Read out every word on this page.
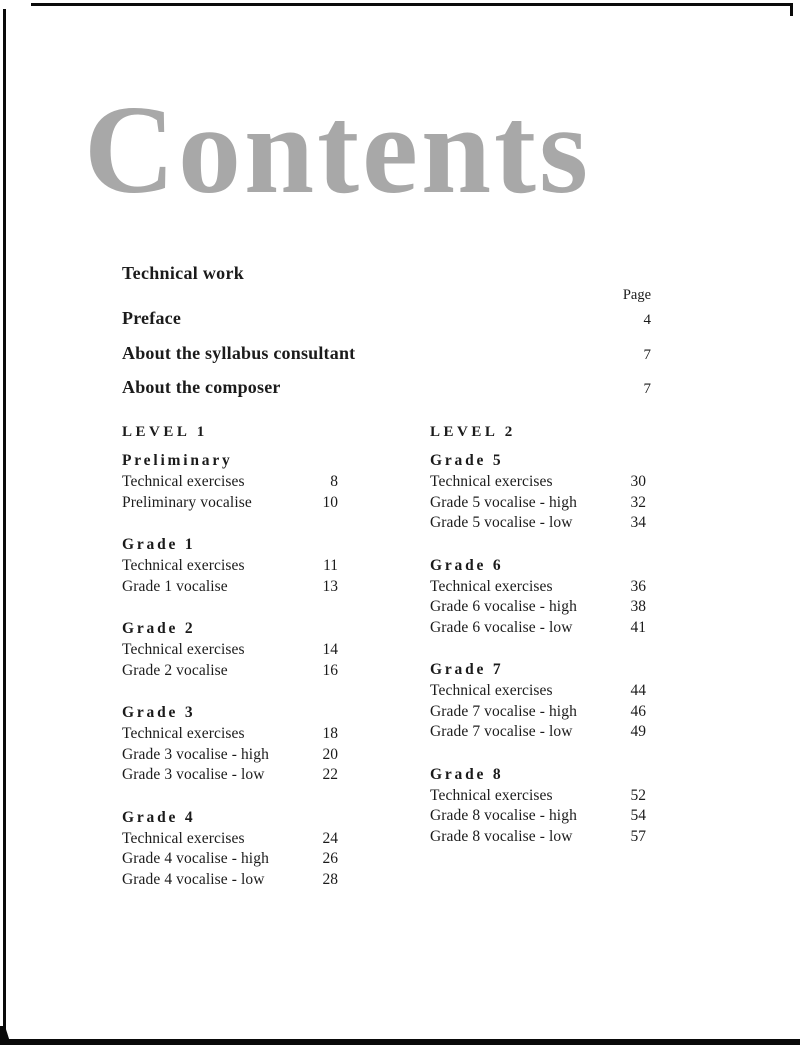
Contents
Technical work
Page
Preface	4
About the syllabus consultant	7
About the composer	7
LEVEL 1
Preliminary
Technical exercises	8
Preliminary vocalise	10
Grade 1
Technical exercises	11
Grade 1 vocalise	13
Grade 2
Technical exercises	14
Grade 2 vocalise	16
Grade 3
Technical exercises	18
Grade 3 vocalise - high	20
Grade 3 vocalise - low	22
Grade 4
Technical exercises	24
Grade 4 vocalise - high	26
Grade 4 vocalise - low	28
LEVEL 2
Grade 5
Technical exercises	30
Grade 5 vocalise - high	32
Grade 5 vocalise - low	34
Grade 6
Technical exercises	36
Grade 6 vocalise - high	38
Grade 6 vocalise - low	41
Grade 7
Technical exercises	44
Grade 7 vocalise - high	46
Grade 7 vocalise - low	49
Grade 8
Technical exercises	52
Grade 8 vocalise - high	54
Grade 8 vocalise - low	57
